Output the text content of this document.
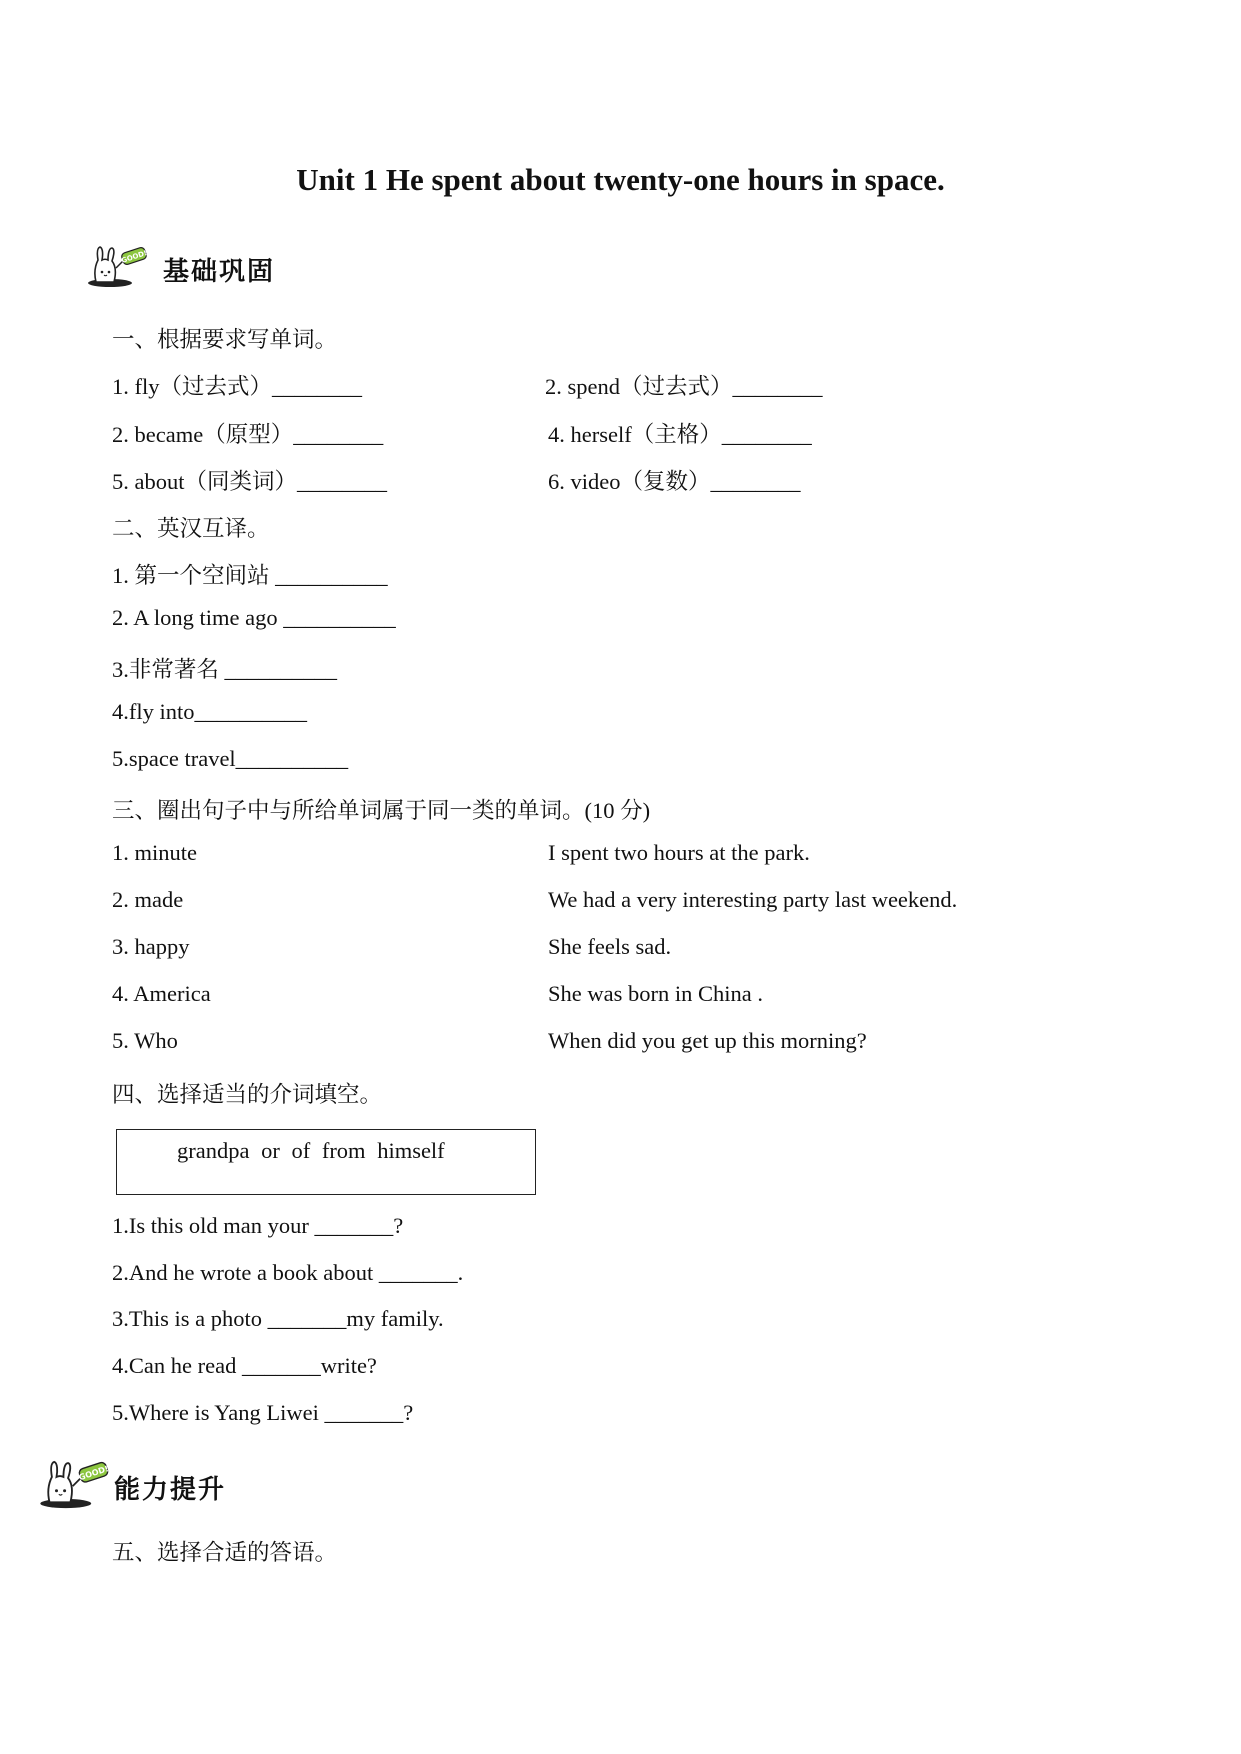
Unit 1 He spent about twenty-one hours in space.
GOOD!
基础巩固
一、根据要求写单词。
1. fly（过去式）________	2. spend（过去式）________
2. became（原型）________	4. herself（主格）________
5. about（同类词）________	6. video（复数）________
二、英汉互译。
1. 第一个空间站 __________
2. A long time ago __________
3.非常著名 __________
4.fly into__________
5.space travel__________
三、圈出句子中与所给单词属于同一类的单词。(10 分)
1. minute	I spent two hours at the park.
2. made	We had a very interesting party last weekend.
3. happy	She feels sad.
4. America	She was born in China .
5. Who	When did you get up this morning?
四、选择适当的介词填空。
grandpa or of from himself
1.Is this old man your _______?
2.And he wrote a book about _______.
3.This is a photo _______my family.
4.Can he read _______write?
5.Where is Yang Liwei _______?
GOOD!
能力提升
五、选择合适的答语。
